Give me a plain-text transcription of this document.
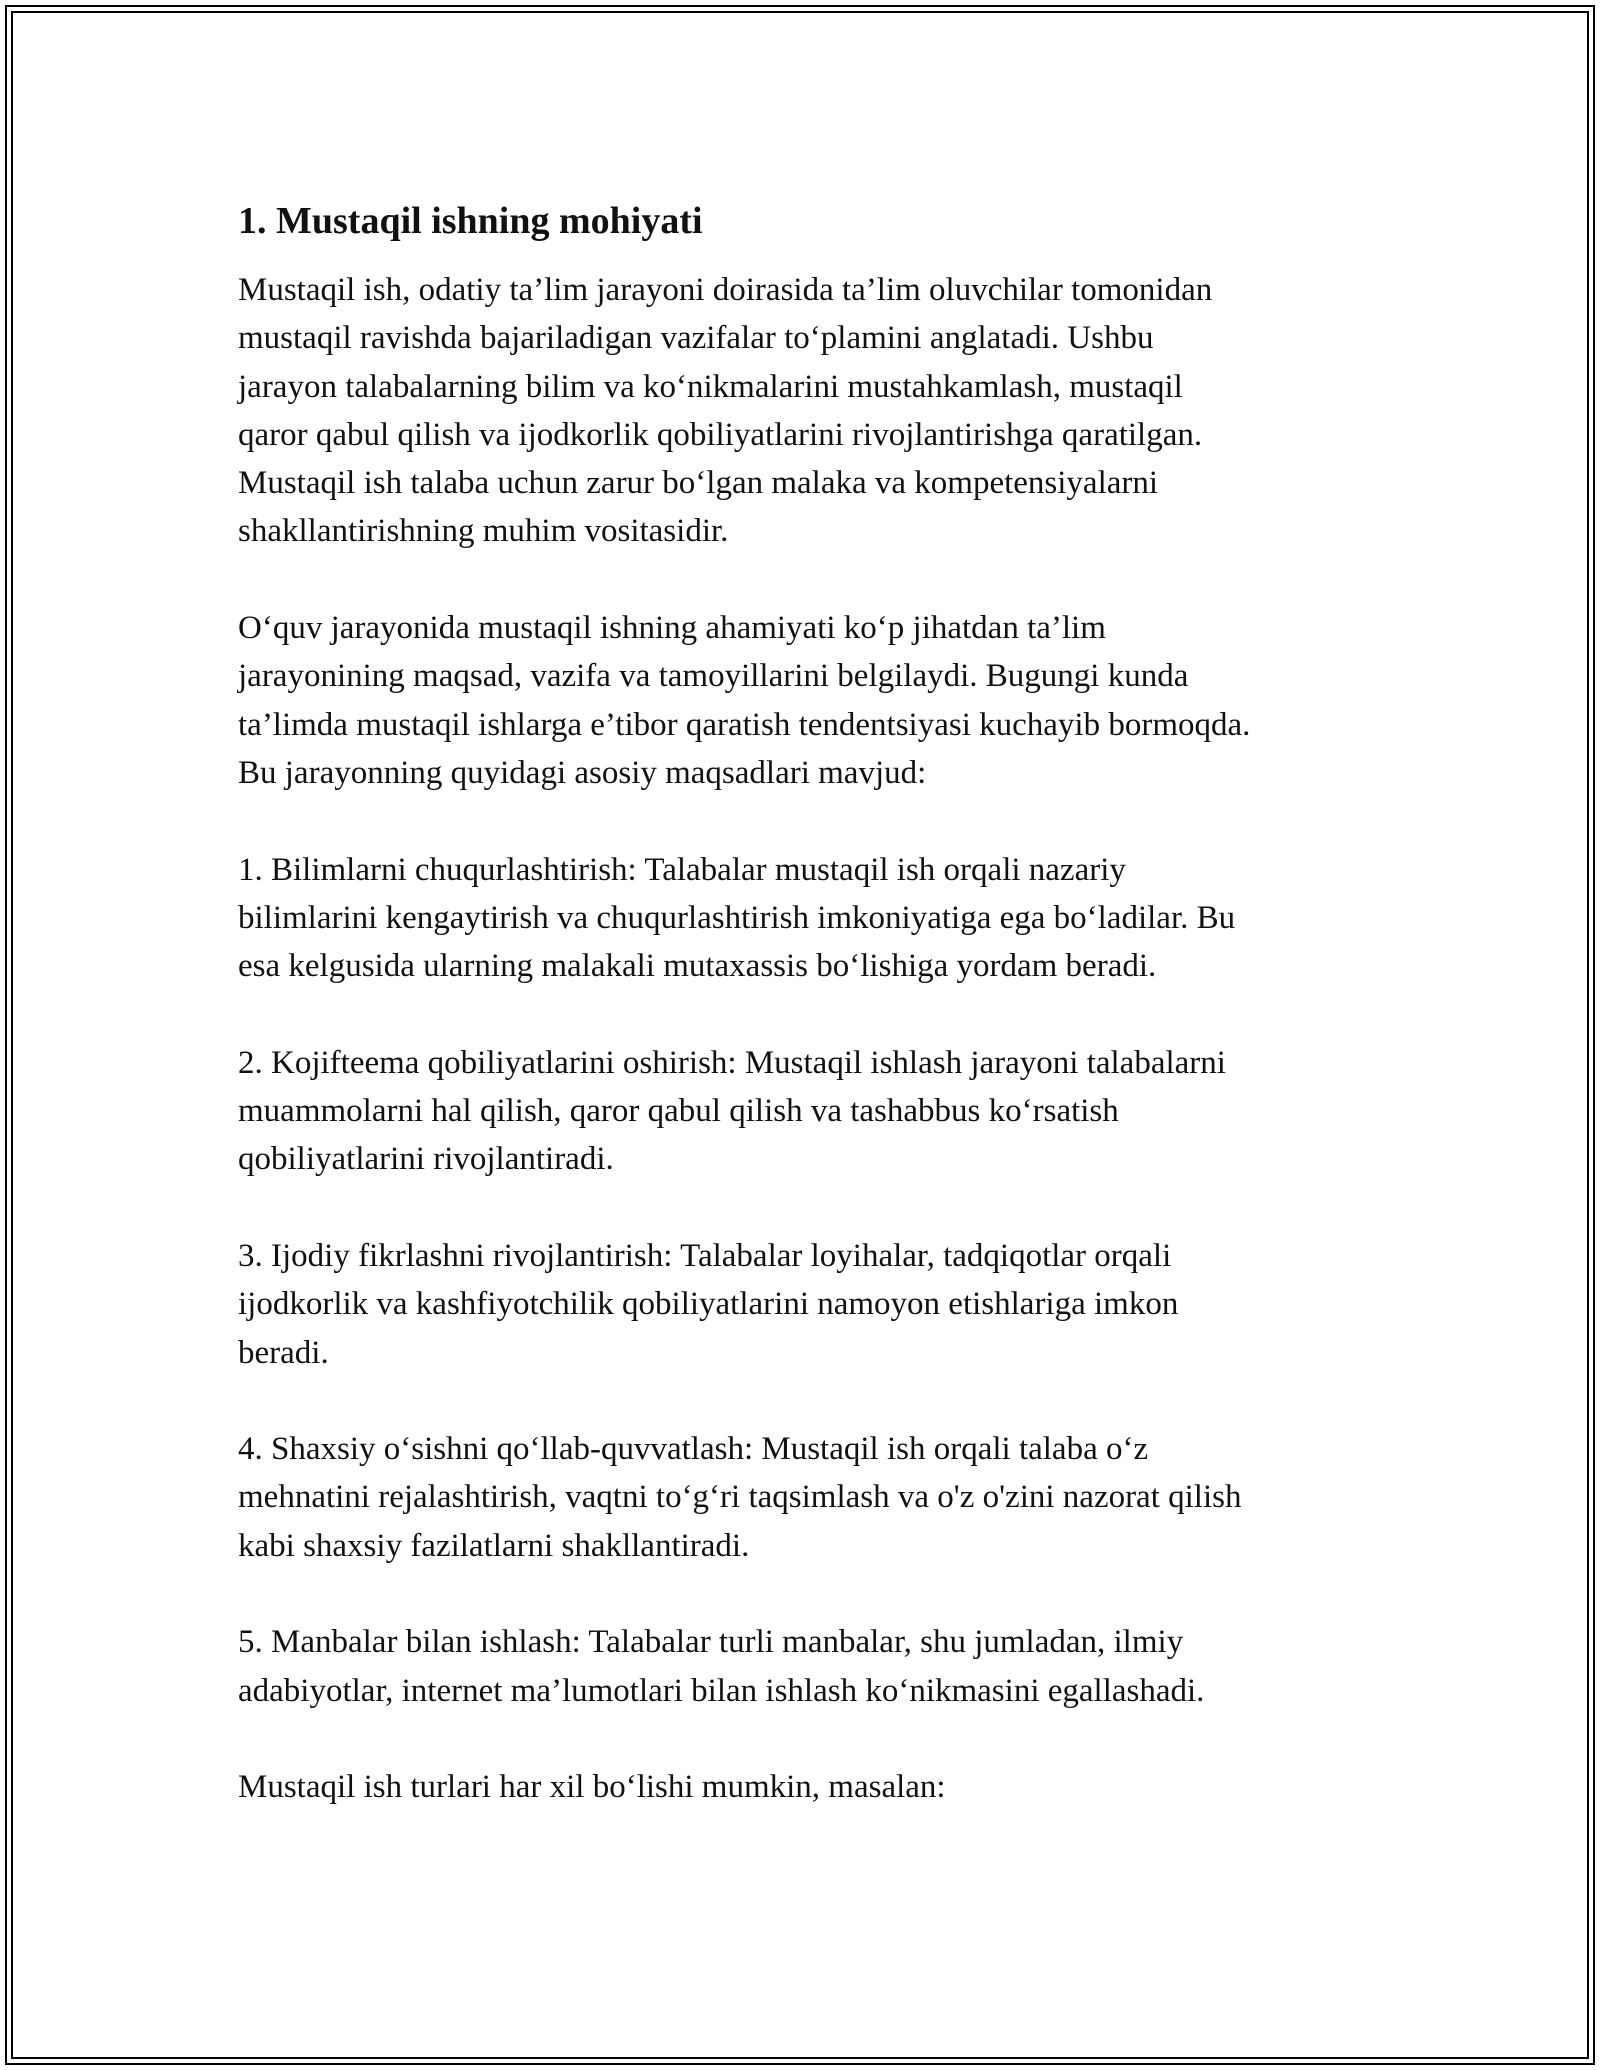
1. Mustaqil ishning mohiyati

Mustaqil ish, odatiy ta’lim jarayoni doirasida ta’lim oluvchilar tomonidan
mustaqil ravishda bajariladigan vazifalar to‘plamini anglatadi. Ushbu
jarayon talabalarning bilim va ko‘nikmalarini mustahkamlash, mustaqil
qaror qabul qilish va ijodkorlik qobiliyatlarini rivojlantirishga qaratilgan.
Mustaqil ish talaba uchun zarur bo‘lgan malaka va kompetensiyalarni
shakllantirishning muhim vositasidir.

O‘quv jarayonida mustaqil ishning ahamiyati ko‘p jihatdan ta’lim
jarayonining maqsad, vazifa va tamoyillarini belgilaydi. Bugungi kunda
ta’limda mustaqil ishlarga e’tibor qaratish tendentsiyasi kuchayib bormoqda.
Bu jarayonning quyidagi asosiy maqsadlari mavjud:

1. Bilimlarni chuqurlashtirish: Talabalar mustaqil ish orqali nazariy
bilimlarini kengaytirish va chuqurlashtirish imkoniyatiga ega bo‘ladilar. Bu
esa kelgusida ularning malakali mutaxassis bo‘lishiga yordam beradi.

2. Kojifteema qobiliyatlarini oshirish: Mustaqil ishlash jarayoni talabalarni
muammolarni hal qilish, qaror qabul qilish va tashabbus ko‘rsatish
qobiliyatlarini rivojlantiradi.

3. Ijodiy fikrlashni rivojlantirish: Talabalar loyihalar, tadqiqotlar orqali
ijodkorlik va kashfiyotchilik qobiliyatlarini namoyon etishlariga imkon
beradi.

4. Shaxsiy o‘sishni qo‘llab-quvvatlash: Mustaqil ish orqali talaba o‘z
mehnatini rejalashtirish, vaqtni to‘g‘ri taqsimlash va o'z o'zini nazorat qilish
kabi shaxsiy fazilatlarni shakllantiradi.

5. Manbalar bilan ishlash: Talabalar turli manbalar, shu jumladan, ilmiy
adabiyotlar, internet ma’lumotlari bilan ishlash ko‘nikmasini egallashadi.

Mustaqil ish turlari har xil bo‘lishi mumkin, masalan:
